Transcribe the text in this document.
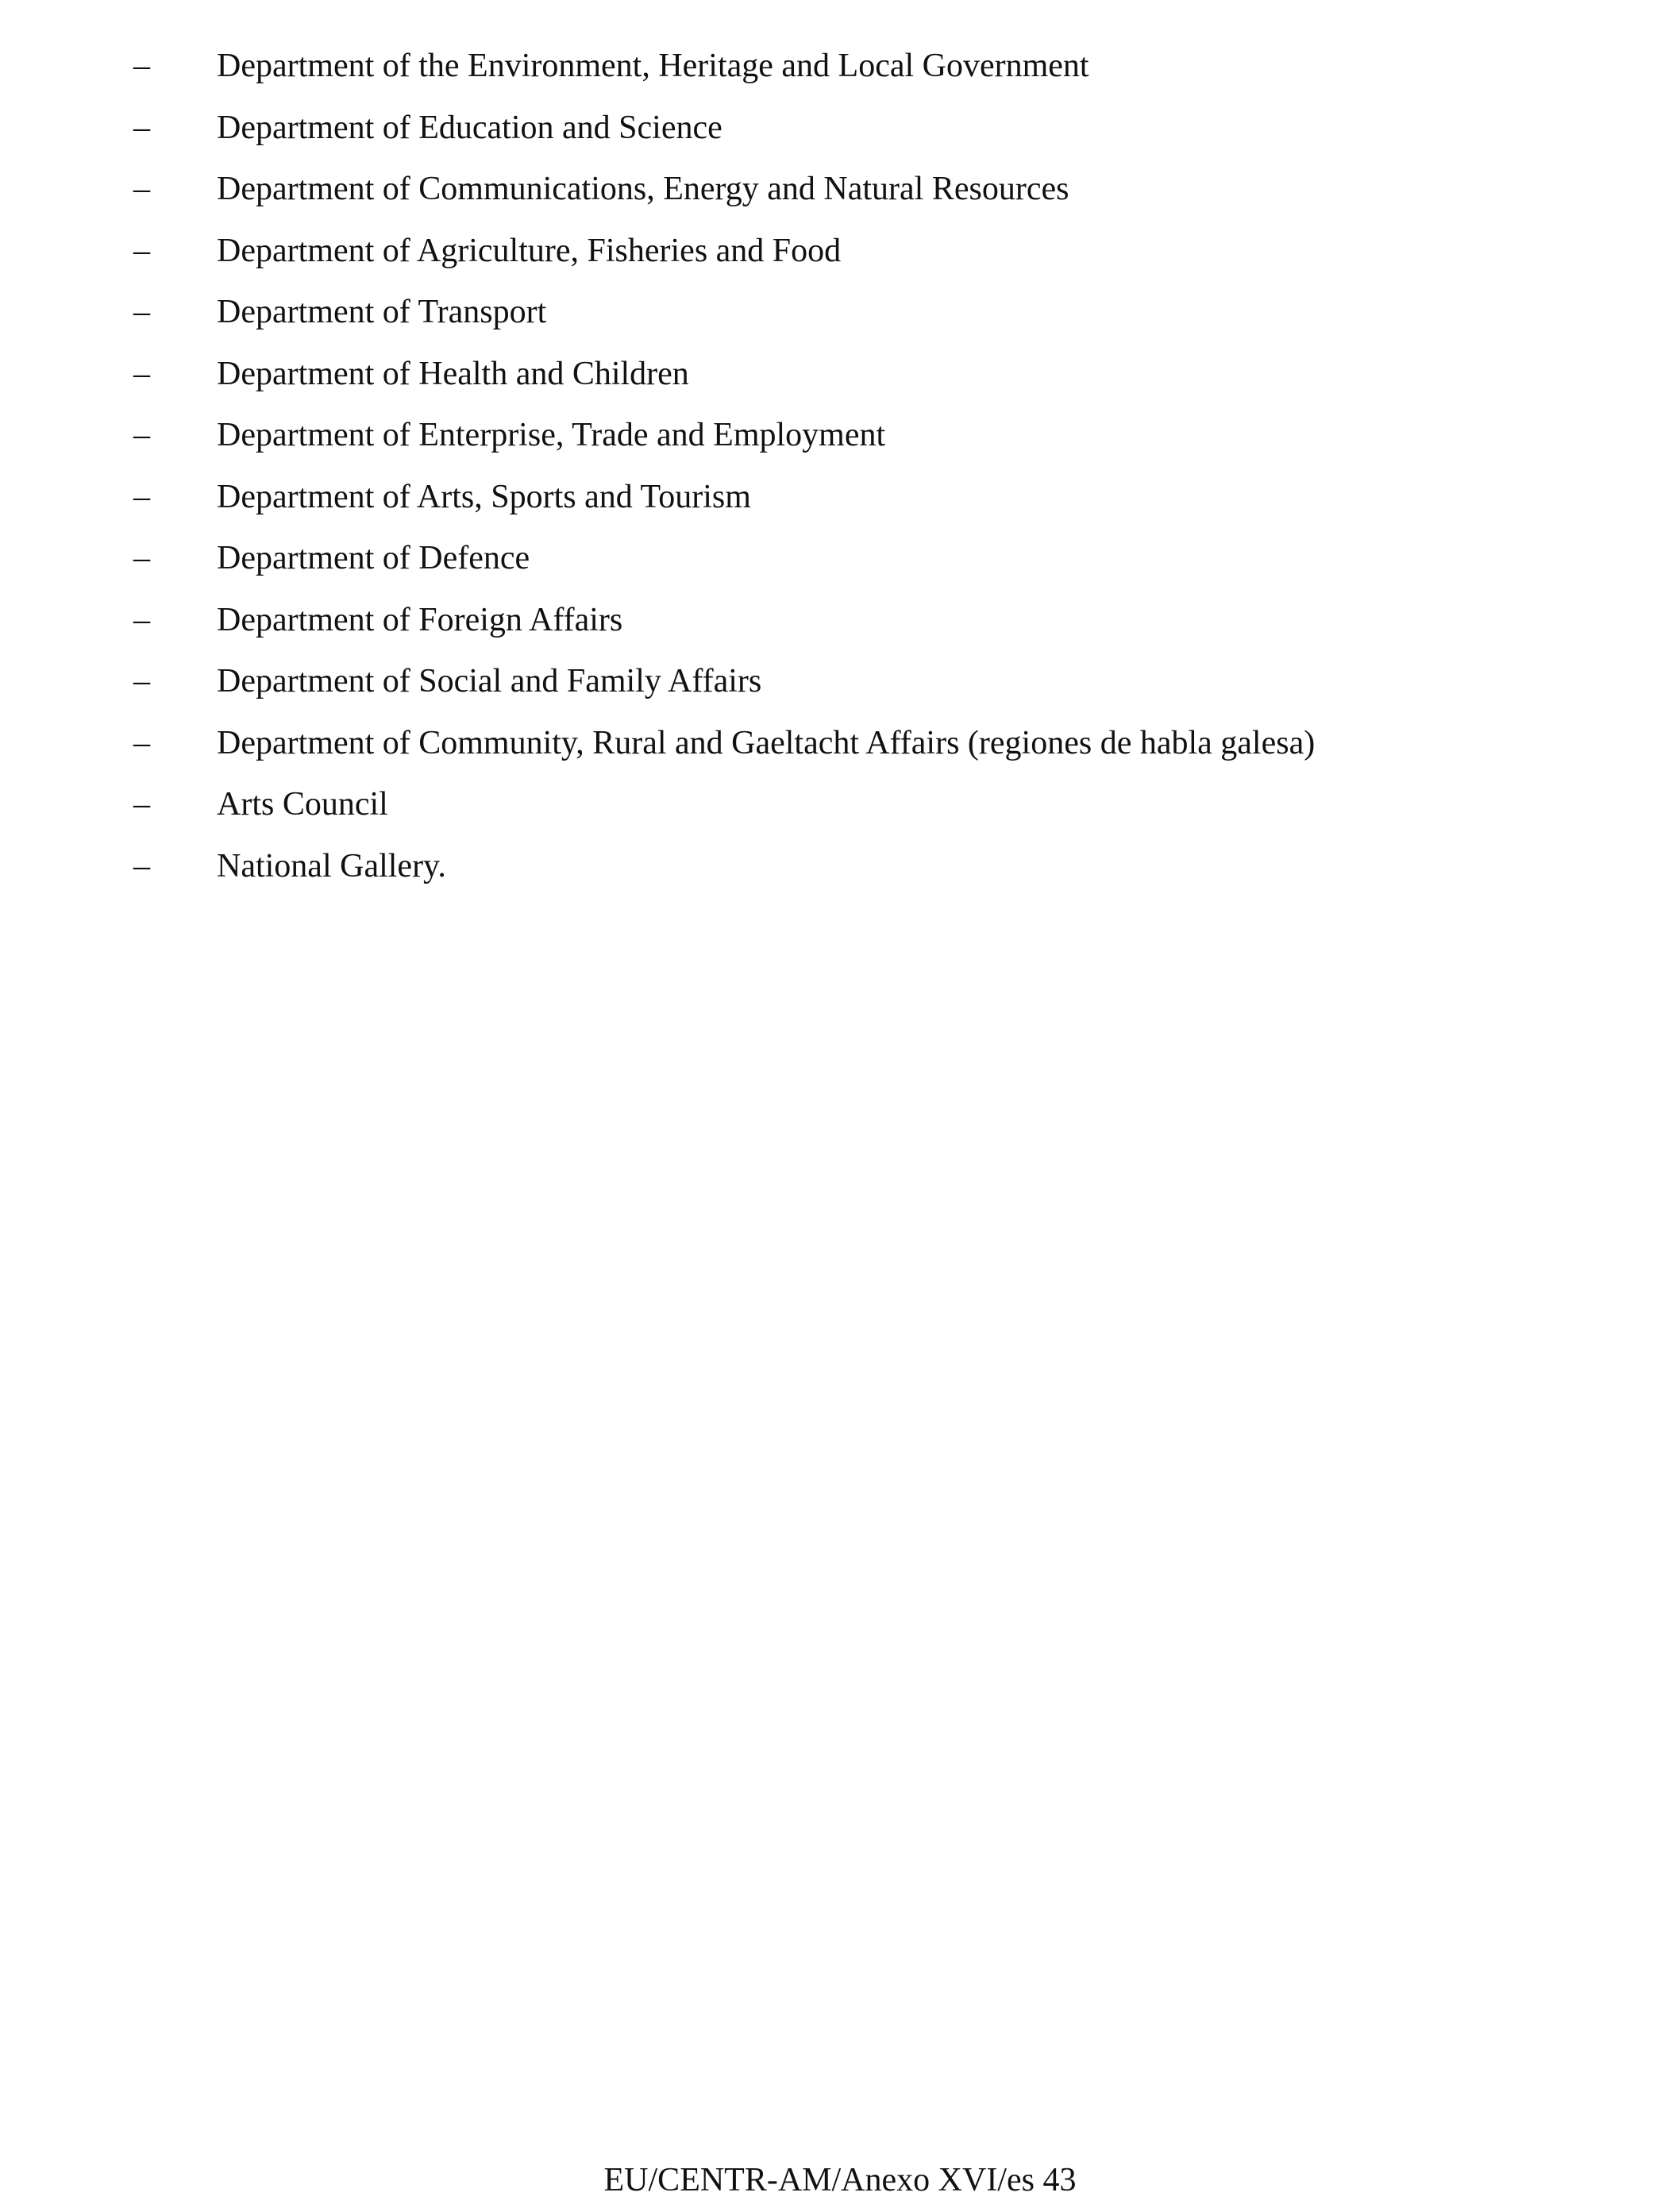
– Department of the Environment, Heritage and Local Government
– Department of Education and Science
– Department of Communications, Energy and Natural Resources
– Department of Agriculture, Fisheries and Food
– Department of Transport
– Department of Health and Children
– Department of Enterprise, Trade and Employment
– Department of Arts, Sports and Tourism
– Department of Defence
– Department of Foreign Affairs
– Department of Social and Family Affairs
– Department of Community, Rural and Gaeltacht Affairs (regiones de habla galesa)
– Arts Council
– National Gallery.
EU/CENTR-AM/Anexo XVI/es 43
